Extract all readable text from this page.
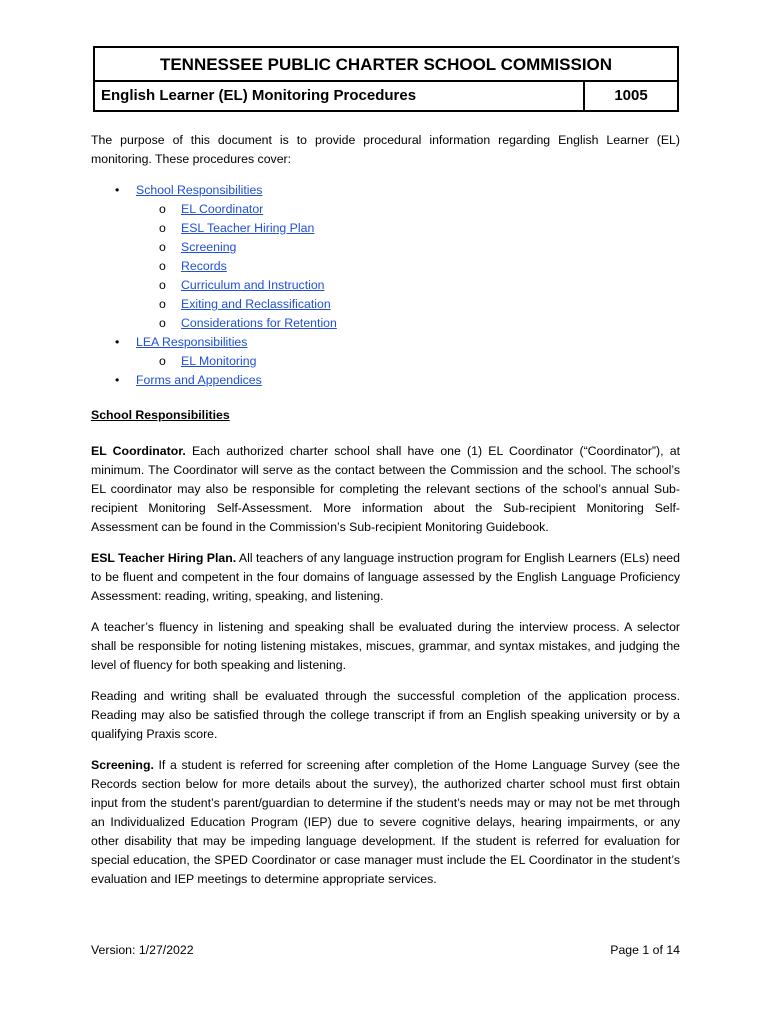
TENNESSEE PUBLIC CHARTER SCHOOL COMMISSION
English Learner (EL) Monitoring Procedures	1005

The purpose of this document is to provide procedural information regarding English Learner (EL) monitoring. These procedures cover:

• School Responsibilities
o EL Coordinator
o ESL Teacher Hiring Plan
o Screening
o Records
o Curriculum and Instruction
o Exiting and Reclassification
o Considerations for Retention
• LEA Responsibilities
o EL Monitoring
• Forms and Appendices
School Responsibilities

EL Coordinator. Each authorized charter school shall have one (1) EL Coordinator (“Coordinator”), at minimum. The Coordinator will serve as the contact between the Commission and the school. The school’s EL coordinator may also be responsible for completing the relevant sections of the school’s annual Sub-recipient Monitoring Self-Assessment. More information about the Sub-recipient Monitoring Self-Assessment can be found in the Commission’s Sub-recipient Monitoring Guidebook.

ESL Teacher Hiring Plan. All teachers of any language instruction program for English Learners (ELs) need to be fluent and competent in the four domains of language assessed by the English Language Proficiency Assessment: reading, writing, speaking, and listening.

A teacher’s fluency in listening and speaking shall be evaluated during the interview process. A selector shall be responsible for noting listening mistakes, miscues, grammar, and syntax mistakes, and judging the level of fluency for both speaking and listening.

Reading and writing shall be evaluated through the successful completion of the application process. Reading may also be satisfied through the college transcript if from an English speaking university or by a qualifying Praxis score.

Screening. If a student is referred for screening after completion of the Home Language Survey (see the Records section below for more details about the survey), the authorized charter school must first obtain input from the student’s parent/guardian to determine if the student’s needs may or may not be met through an Individualized Education Program (IEP) due to severe cognitive delays, hearing impairments, or any other disability that may be impeding language development. If the student is referred for evaluation for special education, the SPED Coordinator or case manager must include the EL Coordinator in the student’s evaluation and IEP meetings to determine appropriate services.

Version: 1/27/2022	Page 1 of 14
